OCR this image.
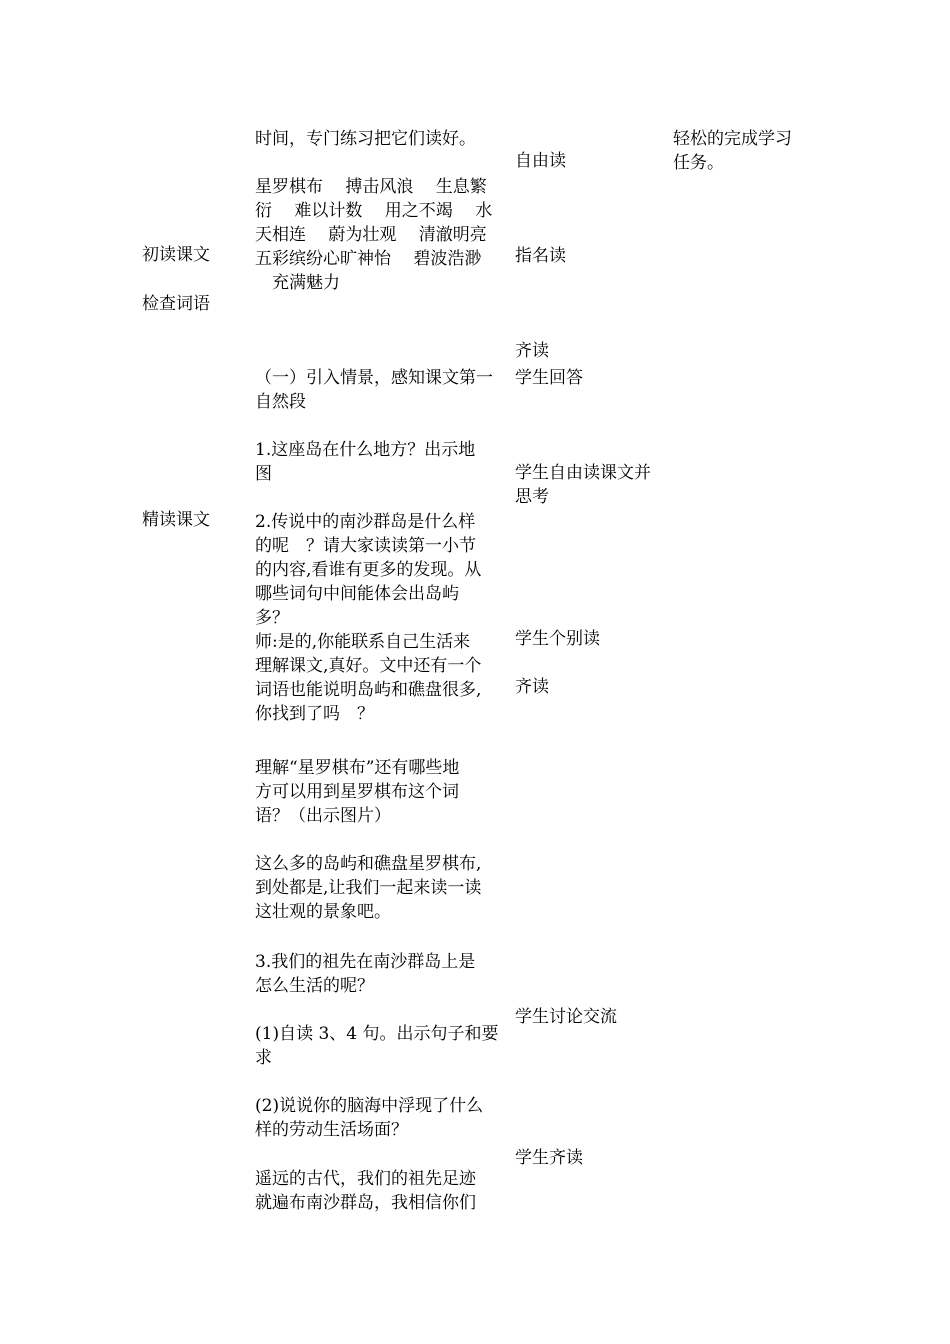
初读课文

检查词语

精读课文

时间，专门练习把它们读好。

星罗棋布　 搏击风浪　 生息繁

衍　 难以计数　 用之不竭　 水

天相连　 蔚为壮观　 清澈明亮

五彩缤纷心旷神怡　 碧波浩渺

　充满魅力

（一）引入情景，感知课文第一

自然段

1.这座岛在什么地方？出示地

图

2.传说中的南沙群岛是什么样

的呢　？请大家读读第一小节

的内容,看谁有更多的发现。从

哪些词句中间能体会出岛屿

多？

师:是的,你能联系自己生活来

理解课文,真好。文中还有一个

词语也能说明岛屿和礁盘很多,

你找到了吗　？

理解“星罗棋布”还有哪些地

方可以用到星罗棋布这个词

语？（出示图片）

这么多的岛屿和礁盘星罗棋布,

到处都是,让我们一起来读一读

这壮观的景象吧。

3.我们的祖先在南沙群岛上是

怎么生活的呢？

(1)自读 3、4 句。出示句子和要

求

(2)说说你的脑海中浮现了什么

样的劳动生活场面？

遥远的古代，我们的祖先足迹

就遍布南沙群岛，我相信你们

自由读

指名读

齐读

学生回答

学生自由读课文并

思考

学生个别读

齐读

学生讨论交流

学生齐读

轻松的完成学习

任务。
